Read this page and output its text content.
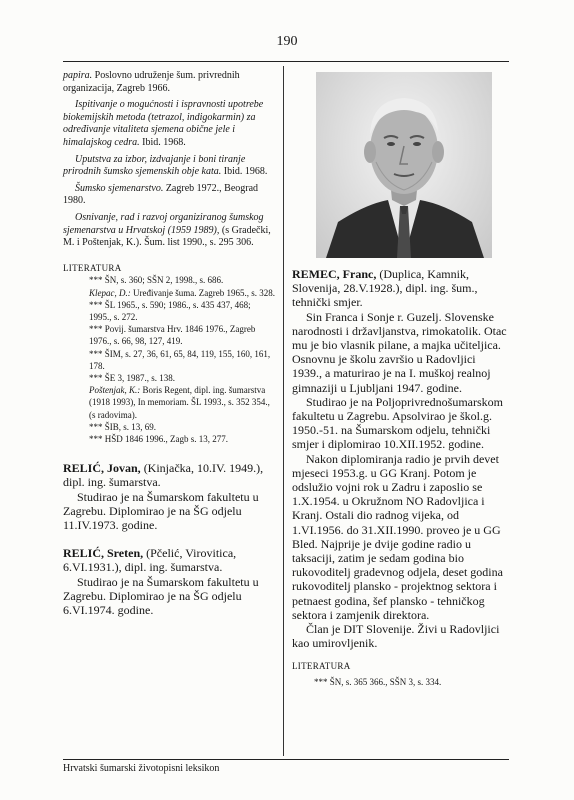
190

papira. Poslovno udruženje šum. privrednih organizacija, Zagreb 1966.

Ispitivanje o mogućnosti i ispravnosti upotrebe biokemijskih metoda (tetrazol, indigokarmin) za određivanje vitaliteta sjemena obične jele i himalajskog cedra. Ibid. 1968.

Uputstva za izbor, izdvajanje i boni tiranje prirodnih šumsko sjemenskih obje kata. Ibid. 1968.

Šumsko sjemenarstvo. Zagreb 1972., Beograd 1980.

Osnivanje, rad i razvoj organiziranog šumskog sjemenarstva u Hrvatskoj (1959 1989), (s Gradečki, M. i Poštenjak, K.). Šum. list 1990., s. 295 306.

LITERATURA

*** ŠN, s. 360; SŠN 2, 1998., s. 686.

Klepac, D.: Uređivanje šuma. Zagreb 1965., s. 328.

*** ŠL 1965., s. 590; 1986., s. 435 437, 468; 1995., s. 272.

*** Povij. šumarstva Hrv. 1846 1976., Zagreb 1976., s. 66, 98, 127, 419.

*** ŠIM, s. 27, 36, 61, 65, 84, 119, 155, 160, 161, 178.

*** ŠE 3, 1987., s. 138.

Poštenjak, K.: Boris Regent, dipl. ing. šumarstva (1918 1993), In memoriam. ŠL 1993., s. 352 354., (s radovima).

*** ŠIB, s. 13, 69.

*** HŠD 1846 1996., Zagb s. 13, 277.

RELIĆ, Jovan, (Kinjačka, 10.IV. 1949.), dipl. ing. šumarstva.

Studirao je na Šumarskom fakultetu u Zagrebu. Diplomirao je na ŠG odjelu 11.IV.1973. godine.

RELIĆ, Sreten, (Pčelić, Virovitica, 6.VI.1931.), dipl. ing. šumarstva.

Studirao je na Šumarskom fakultetu u Zagrebu. Diplomirao je na ŠG odjelu 6.VI.1974. godine.

REMEC, Franc, (Duplica, Kamnik, Slovenija, 28.V.1928.), dipl. ing. šum., tehnički smjer.

Sin Franca i Sonje r. Guzelj. Slovenske narodnosti i državljanstva, rimokatolik. Otac mu je bio vlasnik pilane, a majka učiteljica. Osnovnu je školu završio u Radovljici 1939., a maturirao je na I. muškoj realnoj gimnaziji u Ljubljani 1947. godine.

Studirao je na Poljoprivrednošumarskom fakultetu u Zagrebu. Apsolvirao je škol.g. 1950.-51. na Šumarskom odjelu, tehnički smjer i diplomirao 10.XII.1952. godine.

Nakon diplomiranja radio je prvih devet mjeseci 1953.g. u GG Kranj. Potom je odslužio vojni rok u Zadru i zaposlio se 1.X.1954. u Okružnom NO Radovljica i Kranj. Ostali dio radnog vijeka, od 1.VI.1956. do 31.XII.1990. proveo je u GG Bled. Najprije je dvije godine radio u taksaciji, zatim je sedam godina bio rukovoditelj gradevnog odjela, deset godina rukovoditelj plansko - projektnog sektora i petnaest godina, šef plansko - tehničkog sektora i zamjenik direktora.

Član je DIT Slovenije. Živi u Radovljici kao umirovljenik.

LITERATURA

*** ŠN, s. 365 366., SŠN 3, s. 334.

Hrvatski šumarski životopisni leksikon
